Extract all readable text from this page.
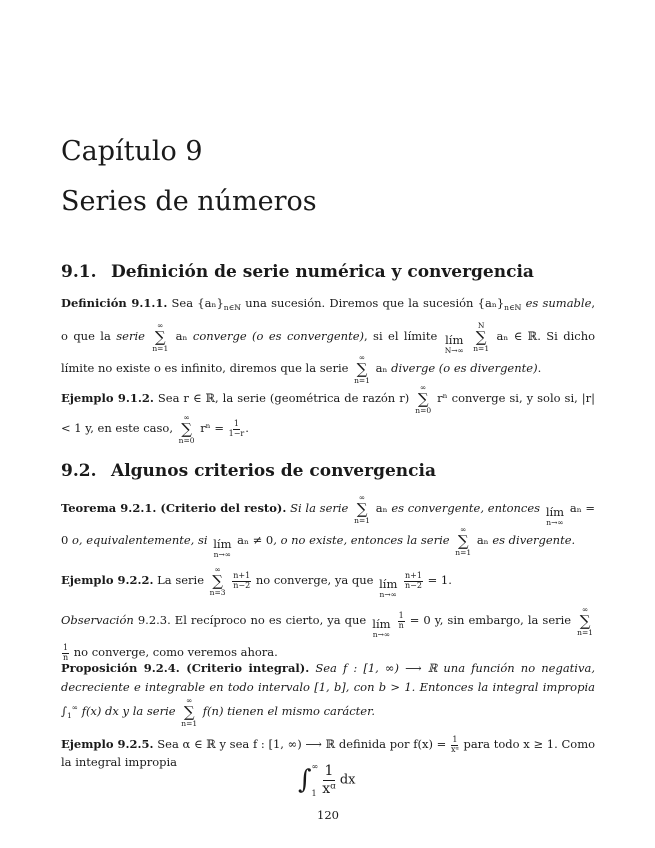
Capítulo 9
Series de números
9.1. Definición de serie numérica y convergencia

Definición 9.1.1. Sea $\{a_n\}_{n\in ℕ}$ una sucesión. Diremos que la sucesión $\{a_n\}_{n\in ℕ}$ es sumable, o que la serie
∞
∑
n=1
aₙ converge (o es convergente), si el límite lím
N→∞

N
∑
n=1
aₙ ∈ ℝ. Si dicho límite no existe o es infinito, diremos que la serie
∞
∑
n=1
aₙ diverge (o es divergente).

Ejemplo 9.1.2. Sea r ∈ ℝ, la serie (geométrica de razón r)
∞
∑
n=0
rⁿ converge si, y solo si, |r| < 1 y, en este caso,
∞
∑
n=0
$r^n = \frac{1}{1-r}$ .

9.2. Algunos criterios de convergencia

Teorema 9.2.1. (Criterio del resto). Si la serie
∞
∑
n=1
aₙ es convergente, entonces lím
n→∞
aₙ = 0 o, equivalentemente, si lím
n→∞
aₙ ≠ 0, o no existe, entonces la serie
∞
∑
n=1
aₙ es divergente.

Ejemplo 9.2.2. La serie
∞
∑
n=3

$\frac{n+1}{n-2}$ no converge, ya que lím
n→∞

$\frac{n+1}{n-2} = 1$.

Observación 9.2.3. El recíproco no es cierto, ya que lím
n→∞

$\frac{1}{n} = 0$ y, sin embargo, la serie
∞
∑
n=1

$\frac{1}{n}$ no converge, como veremos ahora.

Proposición 9.2.4. (Criterio integral). Sea f : [1, ∞) ⟶ ℝ una función no negativa, decreciente e integrable en todo intervalo [1, b], con b > 1. Entonces la integral impropia $\int_1^\infty$ f(x) dx y la serie
∞
∑
n=1
f(n) tienen el mismo carácter.

Ejemplo 9.2.5. Sea α ∈ ℝ y sea f : [1, ∞) ⟶ ℝ definida por $f(x) = \frac{1}{\text{xᵅ}}$ para todo x ≥ 1. Como la integral impropia

∫ ∞
$1 \frac{1}{\text{xᵅ}}$ dx
120
